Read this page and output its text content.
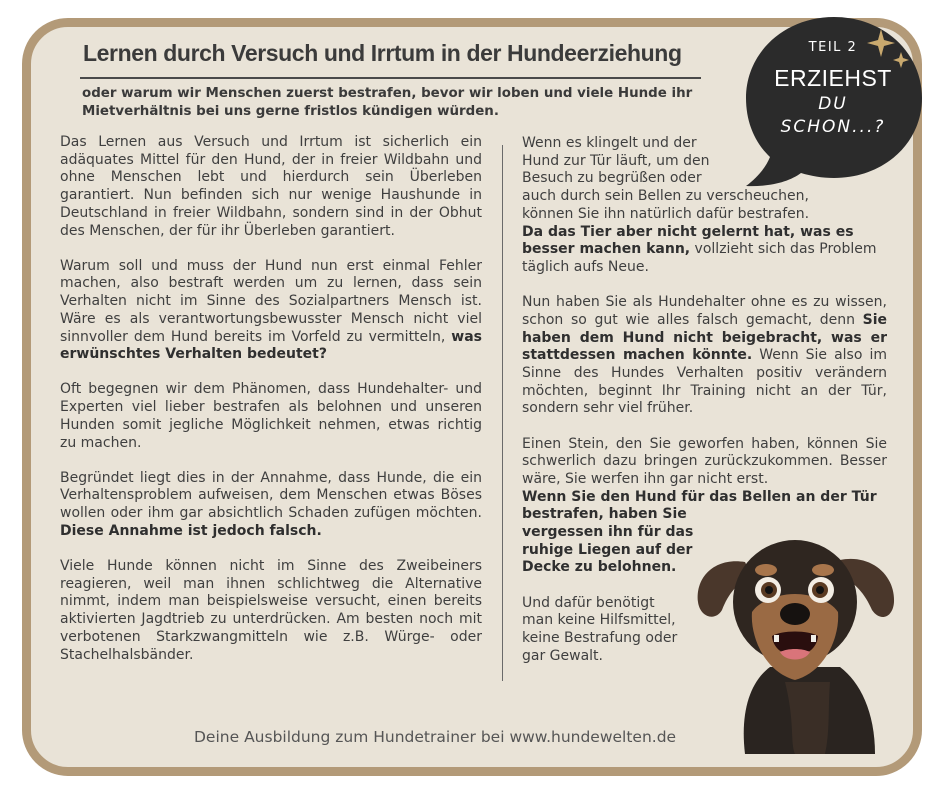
Lernen durch Versuch und Irrtum in der Hundeerziehung

oder warum wir Menschen zuerst bestrafen, bevor wir loben und viele Hunde ihr Mietverhältnis bei uns gerne fristlos kündigen würden.

TEIL 2
ERZIEHST
DU
SCHON...?

Das Lernen aus Versuch und Irrtum ist sicherlich ein adäquates Mittel für den Hund, der in freier Wildbahn und ohne Menschen lebt und hierdurch sein Überleben garantiert. Nun befinden sich nur wenige Haushunde in Deutschland in freier Wildbahn, sondern sind in der Obhut des Menschen, der für ihr Überleben garantiert.

Warum soll und muss der Hund nun erst einmal Fehler machen, also bestraft werden um zu lernen, dass sein Verhalten nicht im Sinne des Sozialpartners Mensch ist. Wäre es als verantwortungsbewusster Mensch nicht viel sinnvoller dem Hund bereits im Vorfeld zu vermitteln, was erwünschtes Verhalten bedeutet?

Oft begegnen wir dem Phänomen, dass Hundehalter- und Experten viel lieber bestrafen als belohnen und unseren Hunden somit jegliche Möglichkeit nehmen, etwas richtig zu machen.

Begründet liegt dies in der Annahme, dass Hunde, die ein Verhaltensproblem aufweisen, dem Menschen etwas Böses wollen oder ihm gar absichtlich Schaden zufügen möchten. Diese Annahme ist jedoch falsch.

Viele Hunde können nicht im Sinne des Zweibeiners reagieren, weil man ihnen schlichtweg die Alternative nimmt, indem man beispielsweise versucht, einen bereits aktivierten Jagdtrieb zu unterdrücken. Am besten noch mit verbotenen Starkzwangmitteln wie z.B. Würge- oder Stachelhalsbänder.

Wenn es klingelt und der
Hund zur Tür läuft, um den
Besuch zu begrüßen oder
auch durch sein Bellen zu verscheuchen,
können Sie ihn natürlich dafür bestrafen.
Da das Tier aber nicht gelernt hat, was es besser machen kann, vollzieht sich das Problem täglich aufs Neue.

Nun haben Sie als Hundehalter ohne es zu wissen, schon so gut wie alles falsch gemacht, denn Sie haben dem Hund nicht beigebracht, was er stattdessen machen könnte. Wenn Sie also im Sinne des Hundes Verhalten positiv verändern möchten, beginnt Ihr Training nicht an der Tür, sondern sehr viel früher.

Einen Stein, den Sie geworfen haben, können Sie schwerlich dazu bringen zurückzukommen. Besser wäre, Sie werfen ihn gar nicht erst.
Wenn Sie den Hund für das Bellen an der Tür
bestrafen, haben Sie
vergessen ihn für das
ruhige Liegen auf der
Decke zu belohnen.

Und dafür benötigt
man keine Hilfsmittel,
keine Bestrafung oder
gar Gewalt.

Deine Ausbildung zum Hundetrainer bei www.hundewelten.de
